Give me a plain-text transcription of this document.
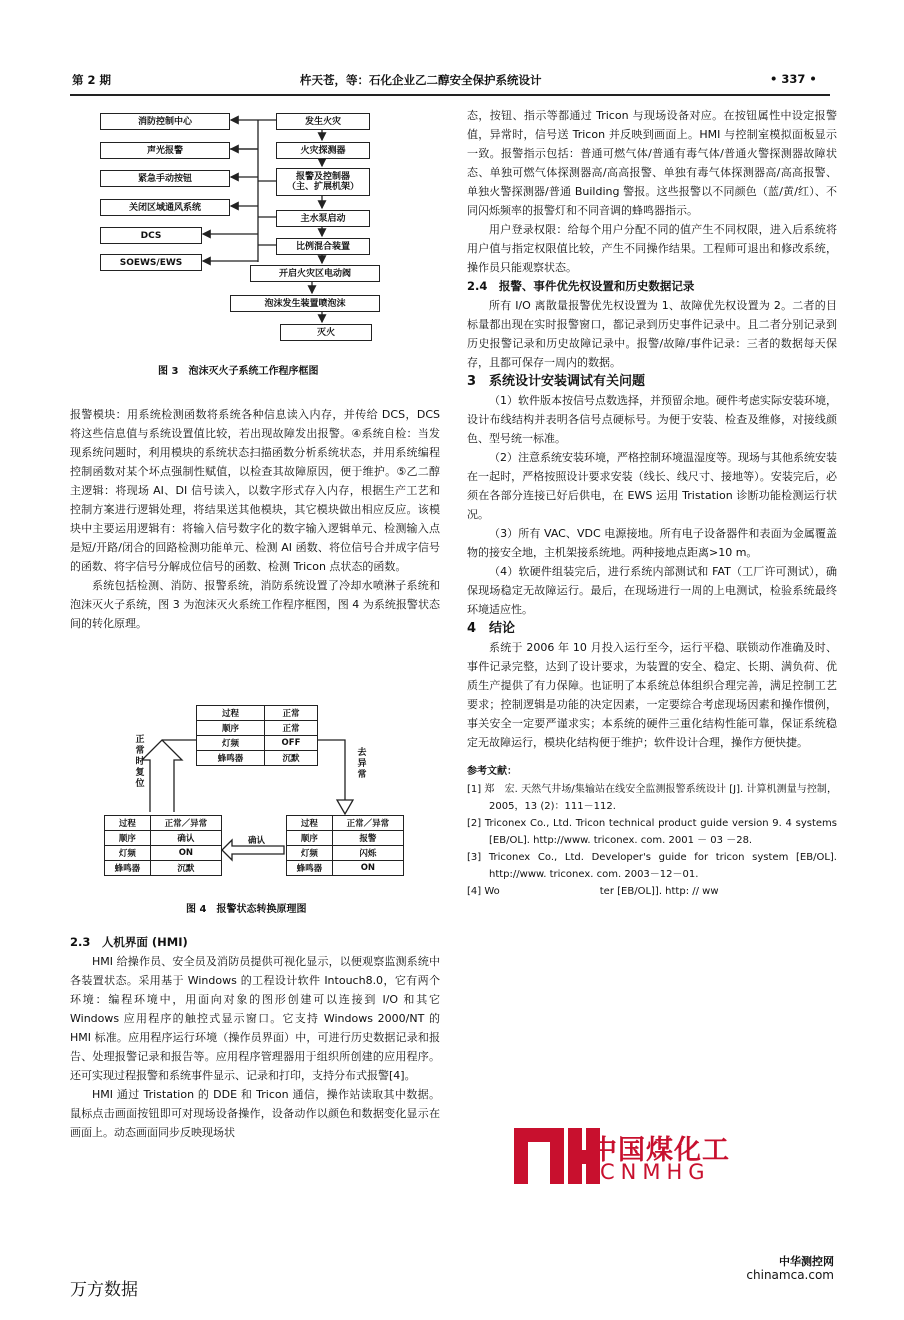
第 2 期	杵天苍，等：石化企业乙二醇安全保护系统设计	• 337 •
消防控制中心
声光报警
紧急手动按钮
关闭区域通风系统
DCS
SOEWS/EWS
发生火灾
火灾探测器
报警及控制器
（主、扩展机架）
主水泵启动
比例混合装置
开启火灾区电动阀
泡沫发生装置喷泡沫
灭火
图 3　泡沫灭火子系统工作程序框图

报警模块：用系统检测函数将系统各种信息读入内存，并传给 DCS，DCS 将这些信息值与系统设置值比较，若出现故障发出报警。④系统自检：当发现系统问题时，利用模块的系统状态扫描函数分析系统状态，并用系统编程控制函数对某个坏点强制性赋值，以检查其故障原因，便于维护。⑤乙二醇主逻辑：将现场 AI、DI 信号读入，以数字形式存入内存，根据生产工艺和控制方案进行逻辑处理，将结果送其他模块，其它模块做出相应反应。该模块中主要运用逻辑有：将输入信号数字化的数字输入逻辑单元、检测输入点是短/开路/闭合的回路检测功能单元、检测 AI 函数、将位信号合并成字信号的函数、将字信号分解成位信号的函数、检测 Tricon 点状态的函数。

系统包括检测、消防、报警系统，消防系统设置了冷却水喷淋子系统和泡沫灭火子系统，图 3 为泡沫灭火系统工作程序框图，图 4 为系统报警状态间的转化原理。

过程	正常
顺序	正常
灯频	OFF
蜂鸣器	沉默
过程	正常／异常
顺序	确认
灯频	ON
蜂鸣器	沉默
过程	正常／异常
顺序	报警
灯频	闪烁
蜂鸣器	ON
正常时复位
去异常
确认
图 4　报警状态转换原理图

2.3　人机界面 (HMI)

HMI 给操作员、安全员及消防员提供可视化显示，以便观察监测系统中各装置状态。采用基于 Windows 的工程设计软件 Intouch8.0，它有两个环境：编程环境中，用面向对象的图形创建可以连接到 I/O 和其它 Windows 应用程序的触控式显示窗口。它支持 Windows 2000/NT 的 HMI 标准。应用程序运行环境（操作员界面）中，可进行历史数据记录和报告、处理报警记录和报告等。应用程序管理器用于组织所创建的应用程序。还可实现过程报警和系统事件显示、记录和打印，支持分布式报警[4]。

HMI 通过 Tristation 的 DDE 和 Tricon 通信，操作站读取其中数据。鼠标点击画面按钮即可对现场设备操作，设备动作以颜色和数据变化显示在画面上。动态画面同步反映现场状

态，按钮、指示等都通过 Tricon 与现场设备对应。在按钮属性中设定报警值，异常时，信号送 Tricon 并反映到画面上。HMI 与控制室模拟面板显示一致。报警指示包括：普通可燃气体/普通有毒气体/普通火警探测器故障状态、单独可燃气体探测器高/高高报警、单独有毒气体探测器高/高高报警、单独火警探测器/普通 Building 警报。这些报警以不同颜色（蓝/黄/红）、不同闪烁频率的报警灯和不同音调的蜂鸣器指示。

用户登录权限：给每个用户分配不同的值产生不同权限，进入后系统将用户值与指定权限值比较，产生不同操作结果。工程师可退出和修改系统，操作员只能观察状态。

2.4　报警、事件优先权设置和历史数据记录

所有 I/O 离散量报警优先权设置为 1、故障优先权设置为 2。二者的目标量都出现在实时报警窗口，都记录到历史事件记录中。且二者分别记录到历史报警记录和历史故障记录中。报警/故障/事件记录：三者的数据每天保存，且都可保存一周内的数据。

3　系统设计安装调试有关问题

（1）软件版本按信号点数选择，并预留余地。硬件考虑实际安装环境，设计布线结构并表明各信号点硬标号。为便于安装、检查及维修，对接线颜色、型号统一标准。

（2）注意系统安装环境，严格控制环境温湿度等。现场与其他系统安装在一起时，严格按照设计要求安装（线长、线尺寸、接地等）。安装完后，必须在各部分连接已好后供电，在 EWS 运用 Tristation 诊断功能检测运行状况。

（3）所有 VAC、VDC 电源接地。所有电子设备器件和表面为金属覆盖物的接安全地，主机架接系统地。两种接地点距离>10 m。

（4）软硬件组装完后，进行系统内部测试和 FAT（工厂许可测试），确保现场稳定无故障运行。最后，在现场进行一周的上电测试，检验系统最终环境适应性。

4　结论

系统于 2006 年 10 月投入运行至今，运行平稳、联锁动作准确及时、事件记录完整，达到了设计要求，为装置的安全、稳定、长期、满负荷、优质生产提供了有力保障。也证明了本系统总体组织合理完善，满足控制工艺要求；控制逻辑是功能的决定因素，一定要综合考虑现场因素和操作惯例，事关安全一定要严谨求实；本系统的硬件三重化结构性能可靠，保证系统稳定无故障运行，模块化结构便于维护；软件设计合理，操作方便快捷。

参考文献：
[1] 郑　宏. 天然气井场/集输站在线安全监测报警系统设计 [J]. 计算机测量与控制，2005，13 (2)：111－112.
[2] Triconex Co., Ltd. Tricon technical product guide version 9. 4 systems [EB/OL]. http://www. triconex. com. 2001 － 03 －28.
[3] Triconex Co., Ltd. Developer's guide for tricon system [EB/OL]. http://www. triconex. com. 2003－12－01.
[4] Wo　　　　　　　　　　ter [EB/OL]]. http: // ww
中国煤化工
CNMHG
万方数据
中华测控网
chinamca.com
